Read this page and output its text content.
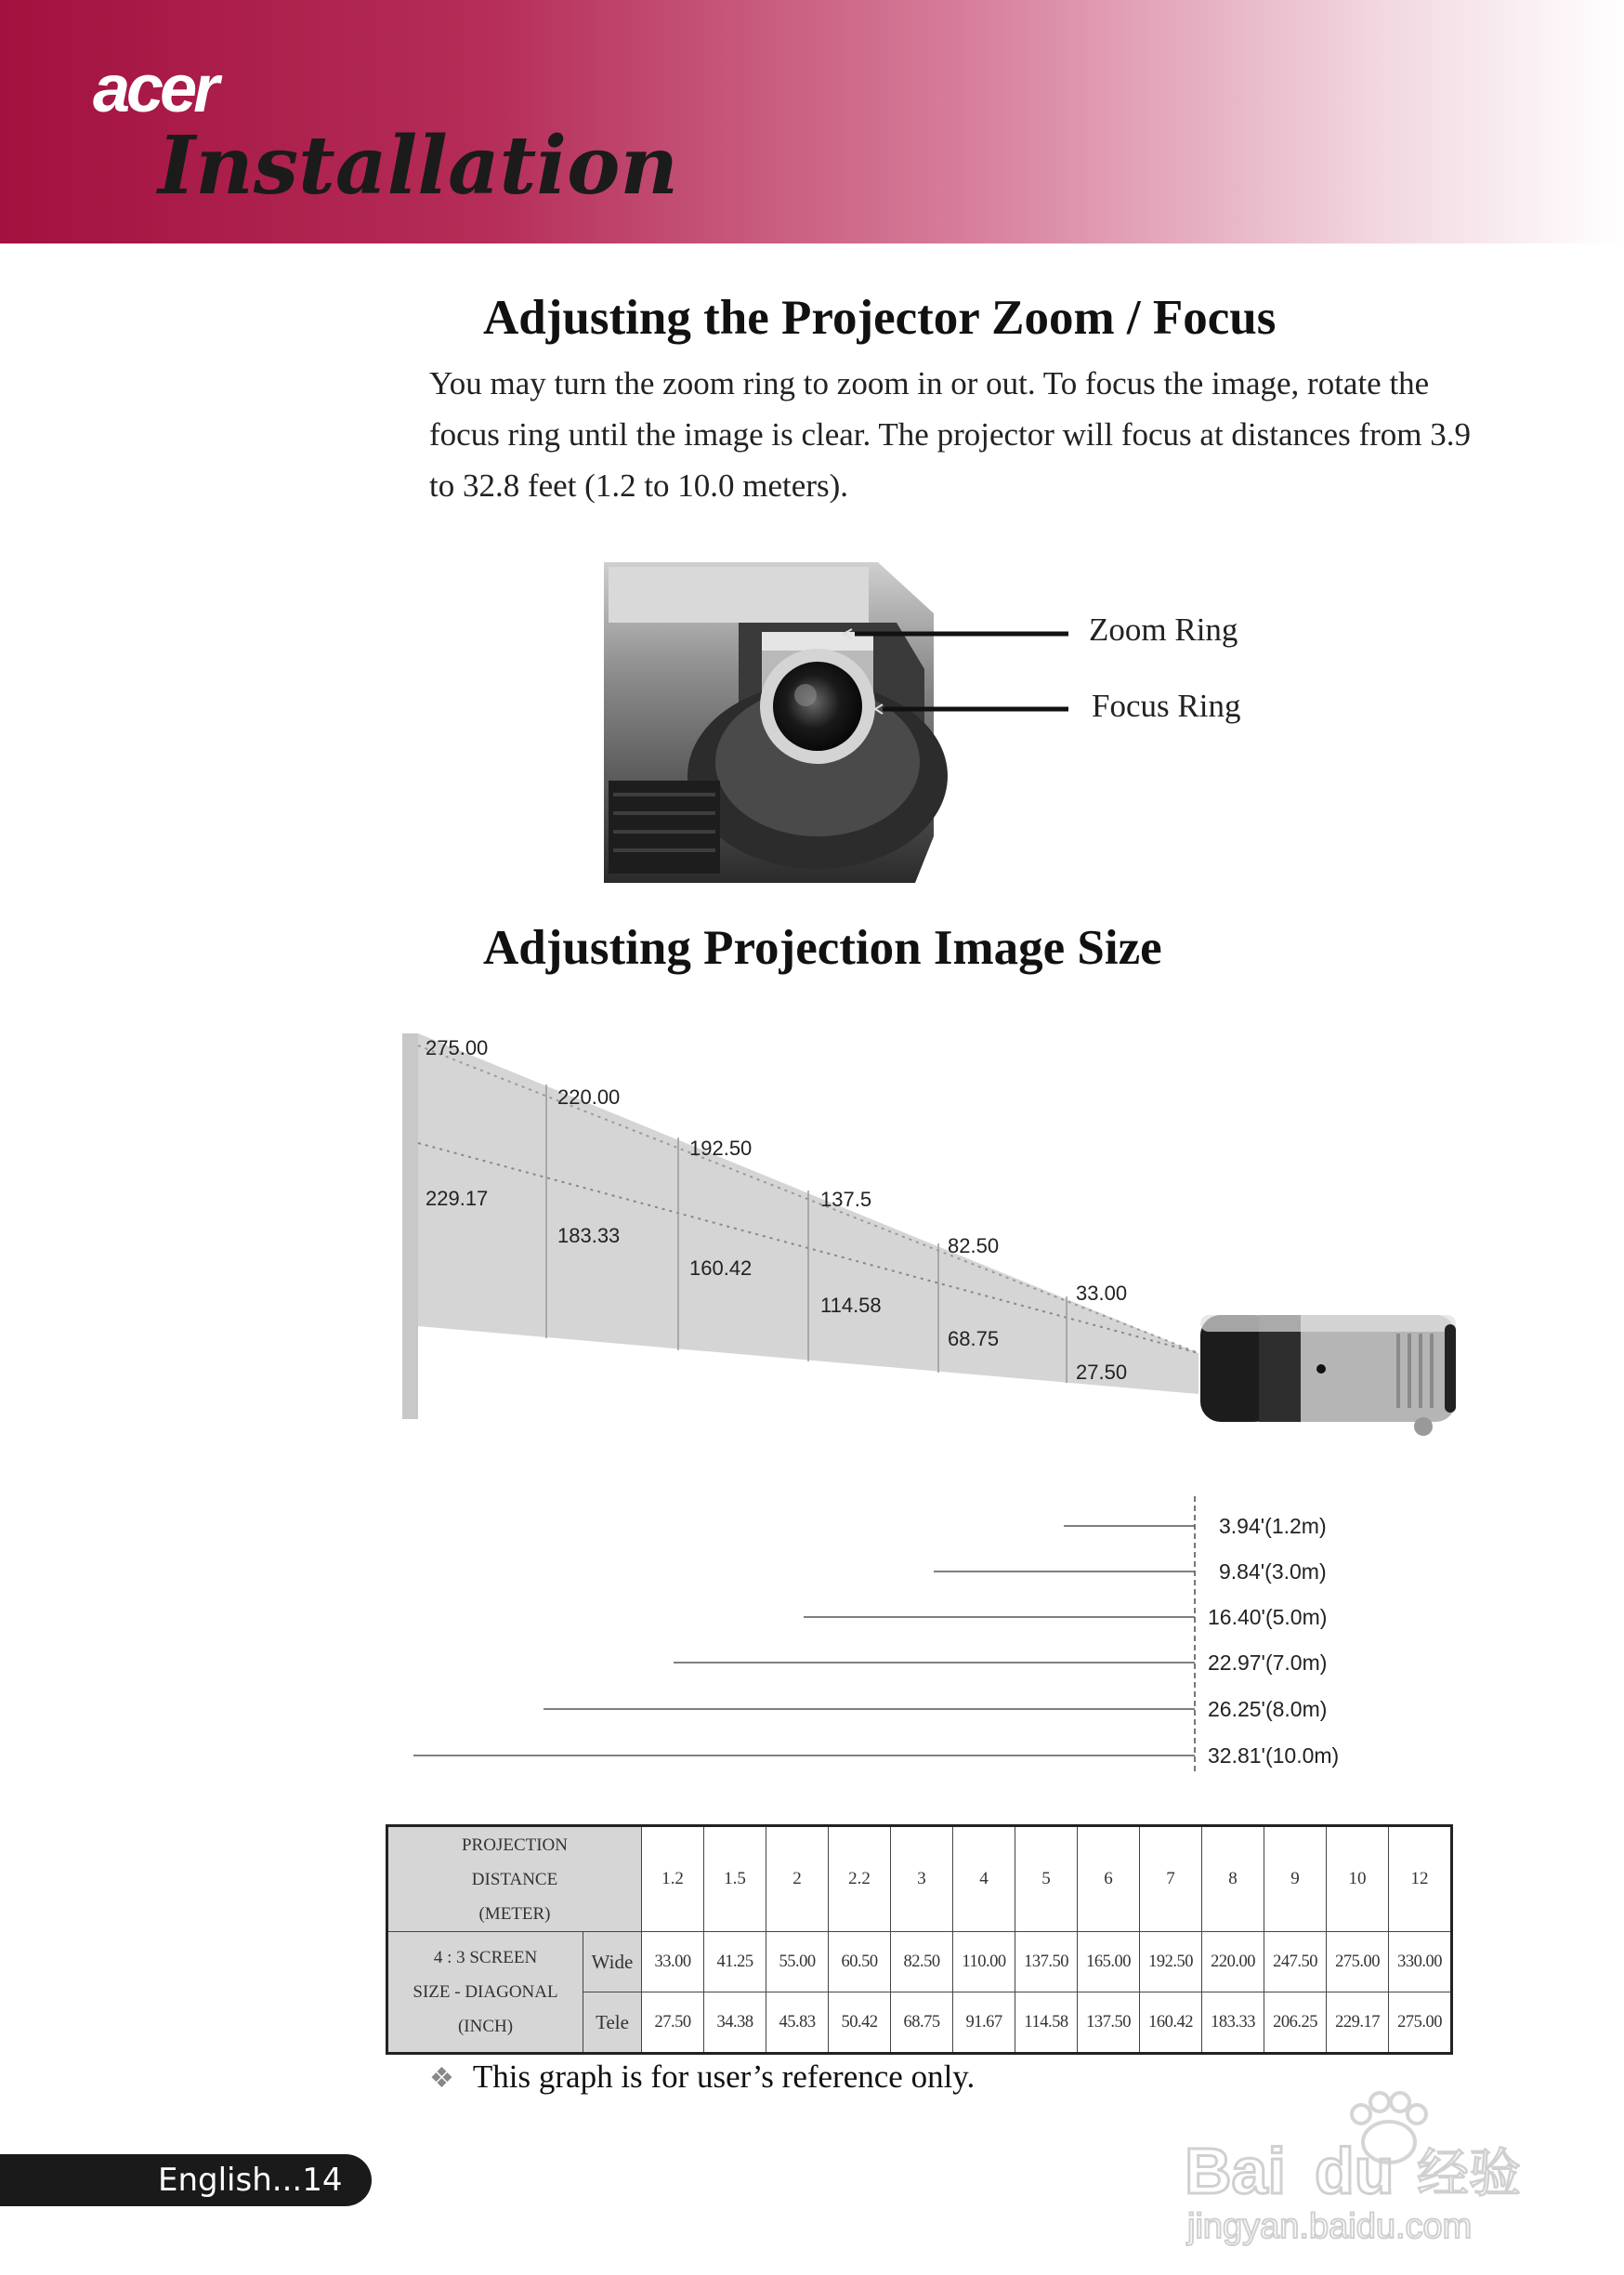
acer
Installation
Adjusting the Projector Zoom / Focus
You may turn the zoom ring to zoom in or out. To focus the image, rotate the focus ring until the image is clear. The projector will focus at distances from 3.9 to 32.8 feet (1.2 to 10.0 meters).
Zoom Ring
Focus Ring
Adjusting Projection Image Size
275.00
220.00
192.50
137.5
82.50
33.00
229.17
183.33
160.42
114.58
68.75
27.50
3.94'(1.2m)
9.84'(3.0m)
16.40'(5.0m)
22.97'(7.0m)
26.25'(8.0m)
32.81'(10.0m)
PROJECTION
DISTANCE
(METER)		1.2	1.5	2	2.2	3	4	5	6	7	8	9	10	12

4 : 3 SCREEN
SIZE - DIAGONAL
(INCH)	Wide	33.00	41.25	55.00	60.50	82.50	110.00	137.50	165.00	192.50	220.00	247.50	275.00	330.00
	Tele	27.50	34.38	45.83	50.42	68.75	91.67	114.58	137.50	160.42	183.33	206.25	229.17	275.00
❖ This graph is for user’s reference only.
English...14	Bai du 经验
jingyan.baidu.com
